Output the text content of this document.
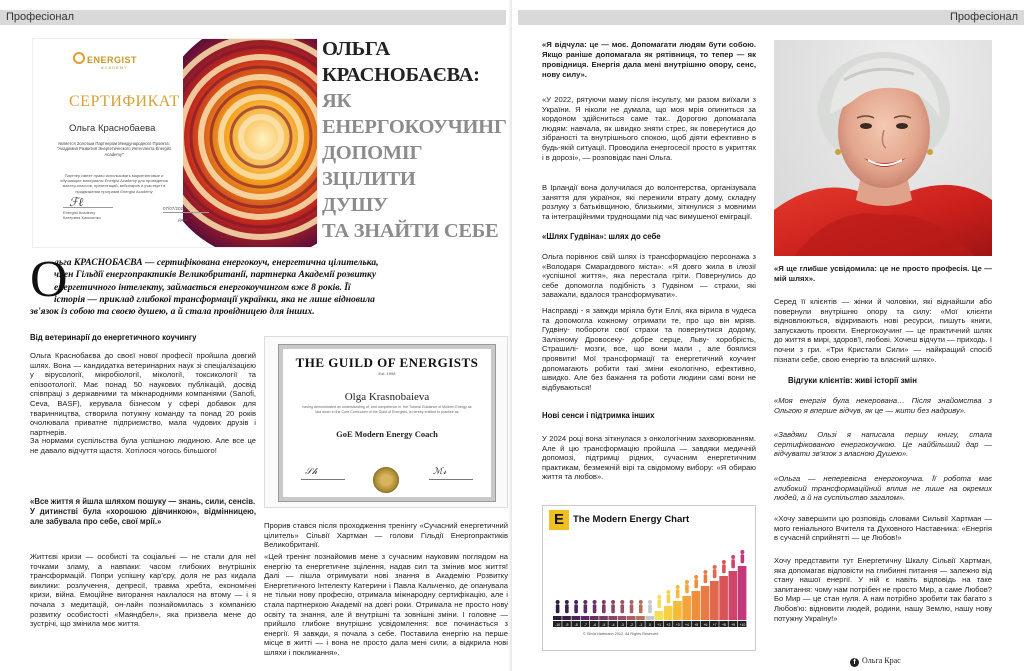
Професіонал
ENERGIST
ACADEMY
СЕРТИФИКАТ
Ольга Краснобаева
является Золотым Партнером Международного Проекта: "Академия Развития Энергетического Интеллекта Energist Academy"
Партнер имеет право использовать маркетинговые и обучающие материалы Energist Academy для проведения мастер-классов, презентаций, вебинаров и участвует в продвижении программ Energist Academy
ℱℓ
Energist Academy Катерина Кальченко
07/07/2020
Дата
ОЛЬГА
КРАСНОБАЄВА:
ЯК
ЕНЕРГОКОУЧИНГ
ДОПОМІГ ЗЦІЛИТИ
ДУШУ
ТА ЗНАЙТИ СЕБЕ
О
льга КРАСНОБАЄВА — сертифікована енергокоуч, енергетична цілителька,
член Гільдії енергопрактиків Великобританії, партнерка Академії розвитку
енергетичного інтелекту, займається енергокоучингом вже 8 років. Її
історія — приклад глибокої трансформації українки, яка не лише відновила
зв'язок із собою та своєю душею, а й стала провідницею для інших.
Від ветеринарії до енергетичного коучингу
Ольга Краснобаєва до своєї нової професії пройшла довгий шлях. Вона — кандидатка ветеринарних наук зі спеціалізацією у вірусології, мікробіології, мікології, токсикології та епізоотології. Має понад 50 наукових публікацій, досвід співпраці з державними та міжнародними компаніями (Sanofi, Ceva, BASF), керувала бізнесом у сфері добавок для тваринництва, створила потужну команду та понад 20 років очолювала приватне підприємство, мала чудових друзів і партнерів.
За нормами суспільства була успішною людиною. Але все це не давало відчуття щастя. Хотілося чогось більшого!
«Все життя я йшла шляхом пошуку — знань, сили, сенсів.
У дитинстві була «хорошою дівчинкою», відмінницею, але забувала про себе, свої мрії.»
Життєві кризи — особисті та соціальні — не стали для неї точками зламу, а навпаки: часом глибоких внутрішніх трансформацій. Попри успішну кар'єру, доля не раз кидала виклики: розлучення, депресії, травма хребта, економічні кризи, війна. Емоційне вигорання наклалося на втому — і я почала з медитацій, он-лайн познайомилась з компанією розвитку особистості «Маяндбел», яка призвела мене до зустрічі, що змінила моє життя.
THE GUILD OF ENERGISTS
Est. 1998
Olga Krasnobaieva
having demonstrated an understanding of, and competence in, the Tutorial Guidance of Modern Energy as laid down in the Core Curriculum of the Guild of Energists, is hereby entitled to practise as
GoE Modern Energy Coach
𝒮𝒽	ℳ𝓇
Прорив стався після проходження тренінгу «Сучасний енергетичний цілитель» Сільвії Хартман — голови Гільдії Енергопрактиків Великобританії.
«Цей тренінг познайомив мене з сучасним науковим поглядом на енергію та енергетичне зцілення, надав сил та змінив моє життя! Далі — пішла отримувати нові знання в Академію Розвитку Енергетичного Інтелекту Катерини і Павла Кальченко, де опанувала не тільки нову професію, отримала міжнародну сертифікацію, але і стала партнеркою Академії на довгі роки. Отримала не просто нову освіту та знання, але й внутрішні та зовнішні зміни. І головне — прийшло глибоке внутрішнє усвідомлення: все починається з енергії. Я завжди, я почала з себе. Поставила енергію на перше місце в житті — і вона не просто дала мені сили, а відкрила нові шляхи і покликання».
Професіонал
«Я відчула: це — моє. Допомагати людям бути собою. Якщо раніше допомагала як рятівниця, то тепер — як провідниця. Енергія дала мені внутрішню опору, сенс, нову силу».
«У 2022, рятуючи маму після інсульту, ми разом виїхали з України. Я ніколи не думала, що моя мрія опиниться за кордоном здійсниться саме так.. Дорогою допомагала людям: навчала, як швидко зняти стрес, як повернутися до зібраності та внутрішнього спокою, щоб діяти ефективно в будь-якій ситуації. Проводила енергосесії просто в укриттях і в дорозі», — розповідає пані Ольга.
В Ірландії вона долучилася до волонтерства, організувала заняття для українок, які пережили втрату дому, складну розлуку з батьківщиною, близькими, зіткнулися з мовними та інтеграційними труднощами під час вимушеної еміграції.
«Шлях Гудвіна»: шлях до себе
Ольга порівнює свій шлях із трансформацією персонажа з «Володаря Смарагдового міста»: «Я довго жила в ілюзії «успішної життя», яка перестала гріти. Повернулись до себе допомогла подібність з Гудвіном — страхи, які заважали, вдалося трансформувати».
Насправді - я завжди мріяла бути Еллі, яка вірила в чудеса та допомогла кожному отримати те, про що він мріяв. Гудвіну- побороти свої страхи та повернутися додому, Залізному Дровосеку- добре серце, Льву- хоробрість, Страшилі- мозги, все, що вони мали , але боялися проявити! Мої трансформації та енергетичний коучинг допомагають робити такі зміни екологічно, ефективно, швидко. Але без бажання та роботи людини самі вони не відбуваються!
Нові сенси і підтримка інших
У 2024 році вона зіткнулася з онкологічним захворюванням. Але й цю трансформацію пройшла — завдяки медичній допомозі, підтримці рідних, сучасним енергетичним практикам, безмежній вірі та свідомому вибору: «Я обираю життя та любов».
E The Modern Energy Chart
-10 -9 -8 -7 -6 -5 -4 -3 -2 -1 0 +1 +2 +3 +4 +5 +6 +7 +8 +9 +10
© Silvia Hartmann 2012. All Rights Reserved
«Я ще глибше усвідомила: це не просто професія. Це — мій шлях».
Серед її клієнтів — жінки й чоловіки, які віднайшли або повернули внутрішню опору та силу: «Мої клієнти відновлюються, відкривають нові ресурси, пишуть книги, запускають проєкти. Енергокоучинг — це практичний шлях до життя в мирі, здоров'ї, любові. Хочеш відчути — приходь. І почни з гри. «Три Кристали Сили» — найкращий спосіб пізнати себе, свою енергію та власний шлях».
Відгуки клієнтів: живі історії змін
«Моя енергія була некерована… Після знайомства з Ольгою я вперше відчув, як це — жити без надриву».
«Завдяки Ользі я написала першу книгу, стала сертифікованою енергокоучкою. Це найбільший дар — відчувати зв'язок з власною Душею».
«Ольга — неперевісна енергокоучка. Її робота має глибокий трансформаційний вплив не лише на окремих людей, а й на суспільство загалом».
«Хочу завершити цю розповідь словами Сильвії Хартман — мого геніального Вчителя та Духовного Наставника: «Енергія в сучасній сприйнятті — це Любов!»
Хочу представити тут Енергетичну Шкалу Сільвії Хартман, яка допомагає відповісти на глибинні питання — залежно від стану нашої енергії. У ній є навіть відповідь на таке запитання: чому нам потрібен не просто Мир, а саме Любов? Бо Мир — це стан нуля. А нам потрібно зробити так багато з Любов'ю: відновити людей, родини, нашу Землю, нашу нову потужну Україну!»
f Ольга Крас
